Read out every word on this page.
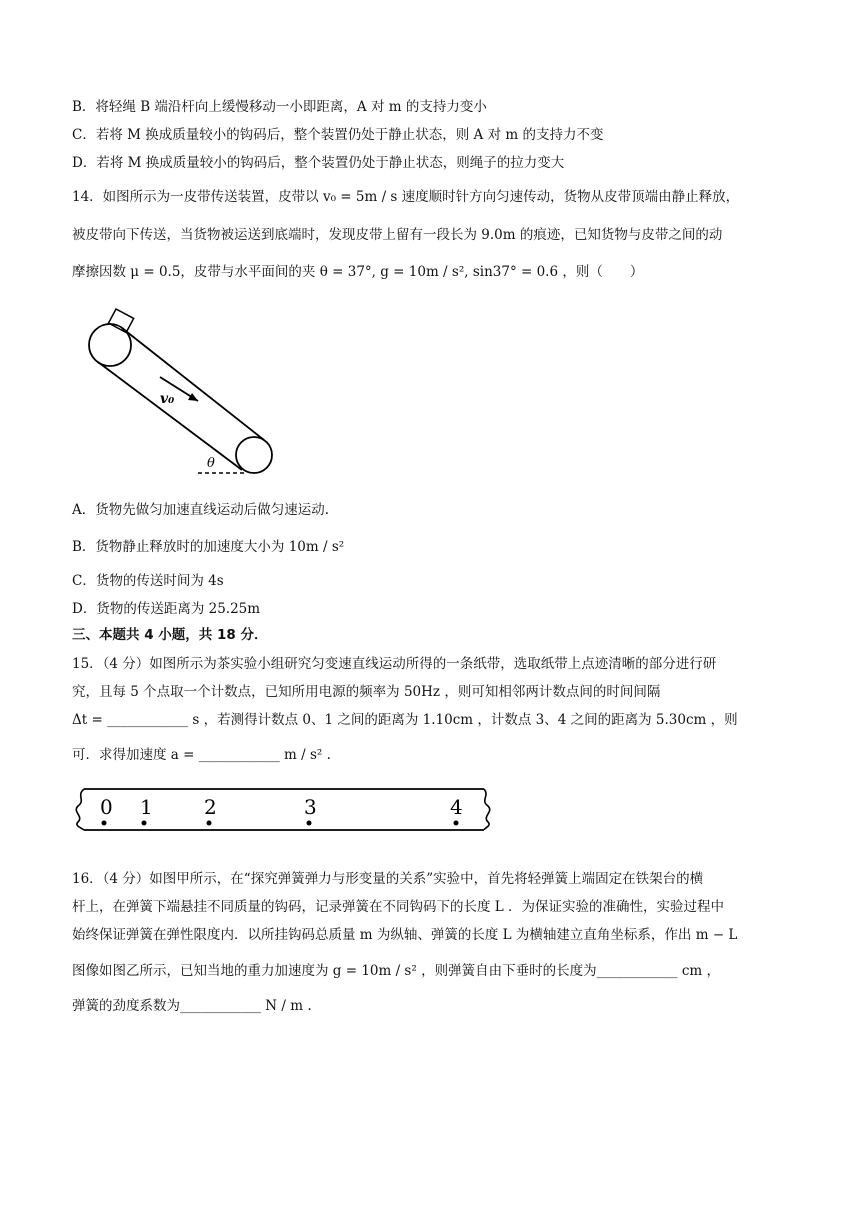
B．将轻绳 B 端沿杆向上缓慢移动一小即距离，A 对 m 的支持力变小
C．若将 M 换成质量较小的钩码后，整个装置仍处于静止状态，则 A 对 m 的支持力不变
D．若将 M 换成质量较小的钩码后，整个装置仍处于静止状态，则绳子的拉力变大
14．如图所示为一皮带传送装置，皮带以 v₀ = 5m / s 速度顺时针方向匀速传动，货物从皮带顶端由静止释放，
被皮带向下传送，当货物被运送到底端时，发现皮带上留有一段长为 9.0m 的痕迹，已知货物与皮带之间的动
摩擦因数 μ = 0.5，皮带与水平面间的夹 θ = 37°, g = 10m / s², sin37° = 0.6 ，则（　　）
v₀
θ
A．货物先做匀加速直线运动后做匀速运动.
B．货物静止释放时的加速度大小为 10m / s²
C．货物的传送时间为 4s
D．货物的传送距离为 25.25m
三、本题共 4 小题，共 18 分．
15．（4 分）如图所示为茶实验小组研究匀变速直线运动所得的一条纸带，选取纸带上点迹清晰的部分进行研
究，且每 5 个点取一个计数点，已知所用电源的频率为 50Hz ，则可知相邻两计数点间的时间间隔
Δt = ____________ s ，若测得计数点 0、1 之间的距离为 1.10cm ，计数点 3、4 之间的距离为 5.30cm ，则
可．求得加速度 a = ____________ m / s² .
0 1	2	3	4
16．（4 分）如图甲所示，在“探究弹簧弹力与形变量的关系”实验中，首先将轻弹簧上端固定在铁架台的横
杆上，在弹簧下端悬挂不同质量的钩码，记录弹簧在不同钩码下的长度 L ．为保证实验的准确性，实验过程中
始终保证弹簧在弹性限度内．以所挂钩码总质量 m 为纵轴、弹簧的长度 L 为横轴建立直角坐标系，作出 m − L
图像如图乙所示，已知当地的重力加速度为 g = 10m / s² ，则弹簧自由下垂时的长度为____________ cm ，
弹簧的劲度系数为____________ N / m .
